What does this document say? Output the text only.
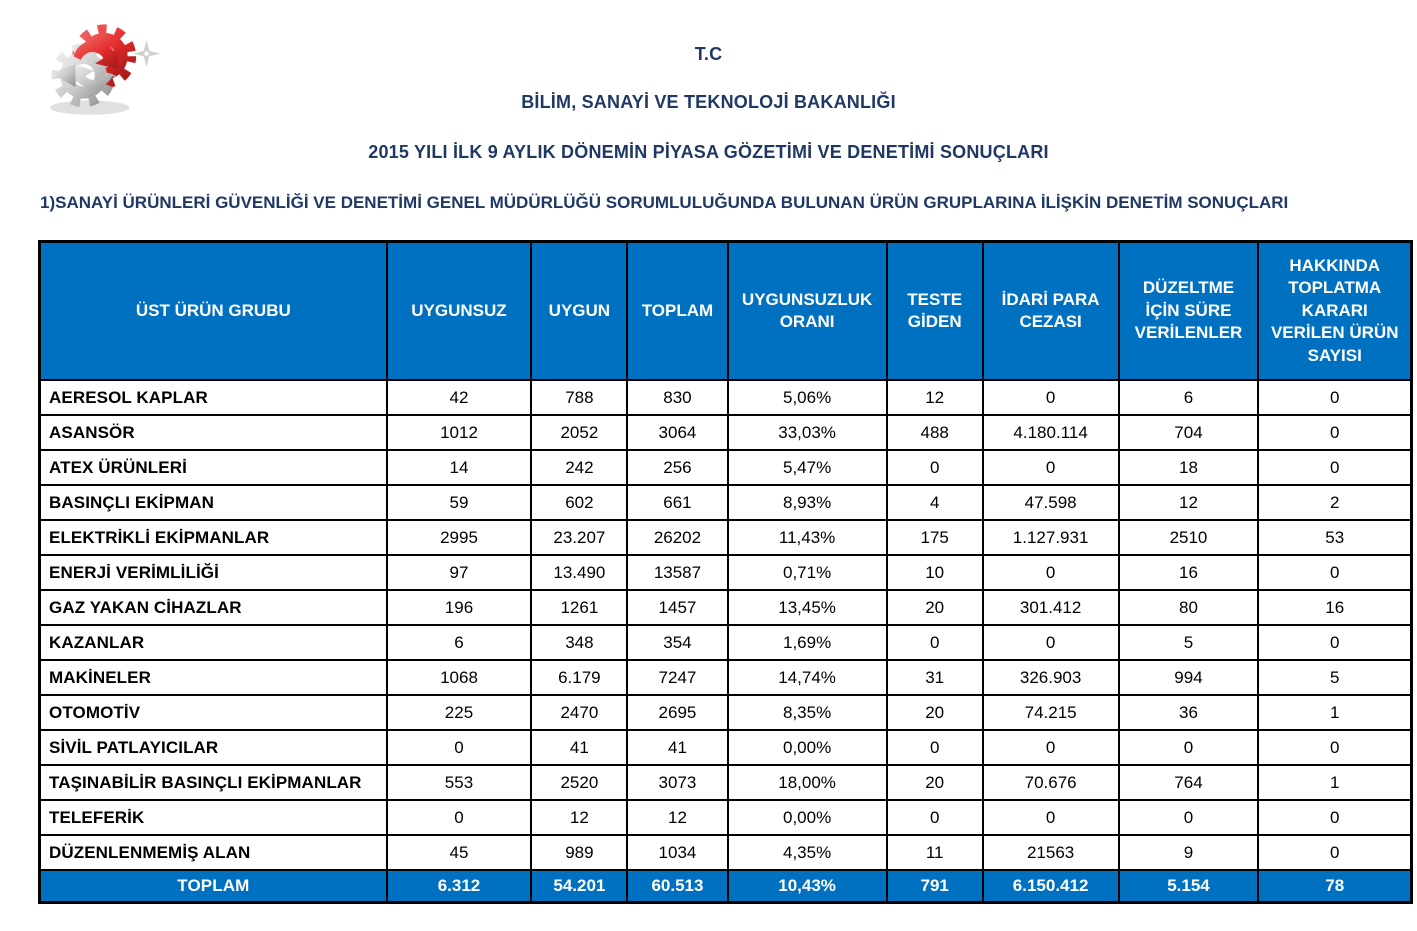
T.C
BİLİM, SANAYİ VE TEKNOLOJİ BAKANLIĞI
2015 YILI İLK 9 AYLIK DÖNEMİN PİYASA GÖZETİMİ VE DENETİMİ SONUÇLARI
1)SANAYİ ÜRÜNLERİ GÜVENLİĞİ VE DENETİMİ GENEL MÜDÜRLÜĞÜ SORUMLULUĞUNDA BULUNAN ÜRÜN GRUPLARINA İLİŞKİN DENETİM SONUÇLARI
ÜST ÜRÜN GRUBU	UYGUNSUZ	UYGUN	TOPLAM	UYGUNSUZLUK ORANI	TESTE GİDEN	İDARİ PARA CEZASI	DÜZELTME İÇİN SÜRE VERİLENLER	HAKKINDA TOPLATMA KARARI VERİLEN ÜRÜN SAYISI
AERESOL KAPLAR	42	788	830	5,06%	12	0	6	0
ASANSÖR	1012	2052	3064	33,03%	488	4.180.114	704	0
ATEX ÜRÜNLERİ	14	242	256	5,47%	0	0	18	0
BASINÇLI EKİPMAN	59	602	661	8,93%	4	47.598	12	2
ELEKTRİKLİ EKİPMANLAR	2995	23.207	26202	11,43%	175	1.127.931	2510	53
ENERJİ VERİMLİLİĞİ	97	13.490	13587	0,71%	10	0	16	0
GAZ YAKAN CİHAZLAR	196	1261	1457	13,45%	20	301.412	80	16
KAZANLAR	6	348	354	1,69%	0	0	5	0
MAKİNELER	1068	6.179	7247	14,74%	31	326.903	994	5
OTOMOTİV	225	2470	2695	8,35%	20	74.215	36	1
SİVİL PATLAYICILAR	0	41	41	0,00%	0	0	0	0
TAŞINABİLİR BASINÇLI EKİPMANLAR	553	2520	3073	18,00%	20	70.676	764	1
TELEFERİK	0	12	12	0,00%	0	0	0	0
DÜZENLENMEMİŞ ALAN	45	989	1034	4,35%	11	21563	9	0
TOPLAM	6.312	54.201	60.513	10,43%	791	6.150.412	5.154	78
